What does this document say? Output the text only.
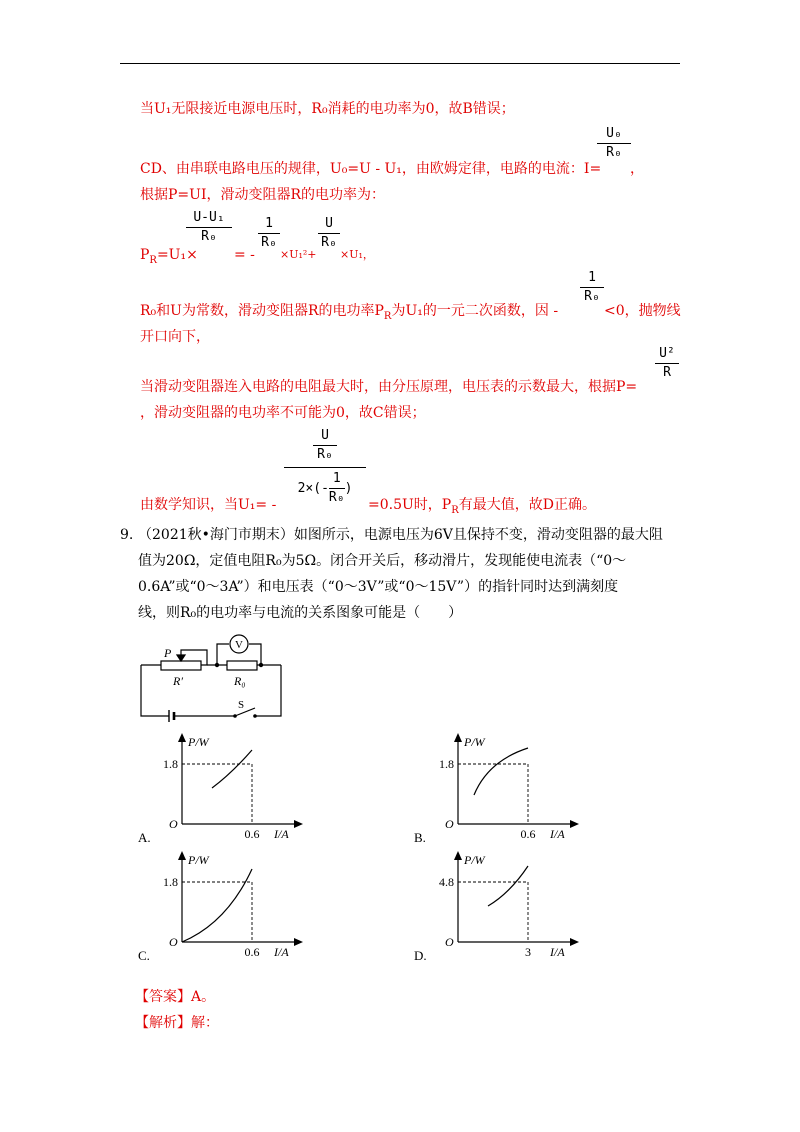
当U₁无限接近电源电压时，R₀消耗的电功率为0，故B错误；
CD、由串联电路电压的规律，U₀=U - U₁，由欧姆定律，电路的电流：I=
U₀
R₀
，
根据P=UI，滑动变阻器R的电功率为：
$P_R=U_1\times$
U-U₁
R₀
= -
1
R₀
×U₁²+
U
R₀
×U₁，
R₀和U为常数，滑动变阻器R的电功率$P_R$为U₁的一元二次函数，因 -
1
R₀
<0，抛物线
开口向下，
当滑动变阻器连入电路的电阻最大时，由分压原理，电压表的示数最大，根据P=
U²
R
，滑动变阻器的电功率不可能为0，故C错误；
U
R₀
$2\times(- \frac{1}{\text{R₀}}$ )
由数学知识，当U₁= -	=0.5U时，$P_R$有最大值，故D正确。
9. （2021秋•海门市期末）如图所示，电源电压为6V且保持不变，滑动变阻器的最大阻
值为20Ω，定值电阻R₀为5Ω。闭合开关后，移动滑片，发现能使电流表（“0～
0.6A”或“0～3A”）和电压表（“0～3V”或“0～15V”）的指针同时达到满刻度
线，则R₀的电功率与电流的关系图象可能是（　　）
P
R′	R₀
V
S
P/W
I/A
O
1.8
0.6
A.
P/W
I/A
O
1.8
0.6
B.
P/W
I/A
O
1.8
0.6
C.
P/W
I/A
O
4.8
3
D.
【答案】A。
【解析】解：
